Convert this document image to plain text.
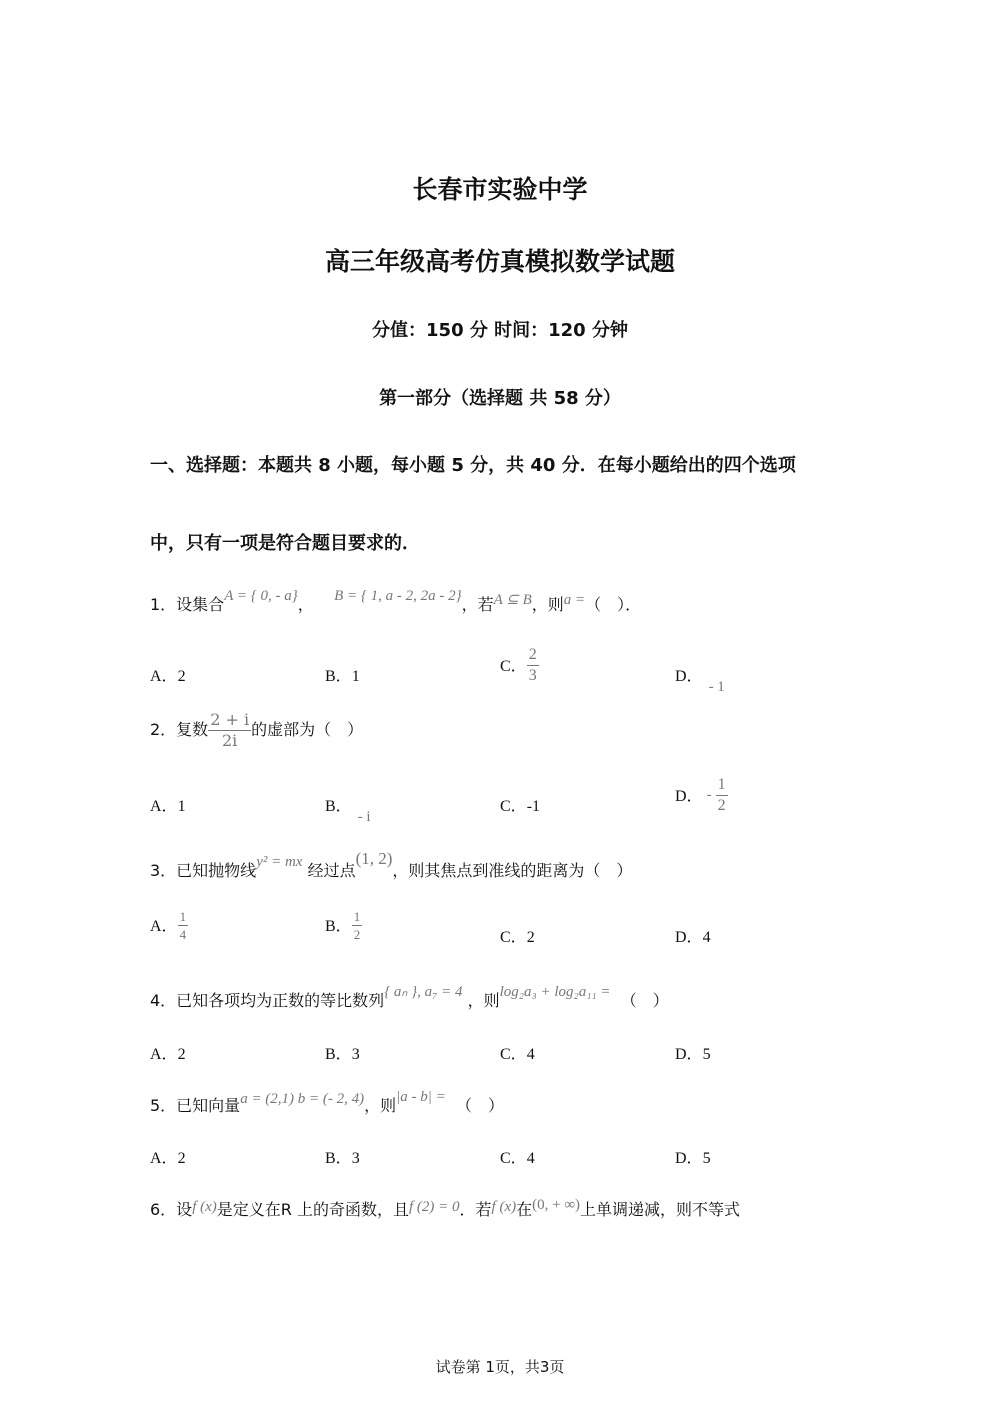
长春市实验中学
高三年级高考仿真模拟数学试题
分值：150 分 时间：120 分钟
第一部分（选择题 共 58 分）
一、选择题：本题共 8 小题，每小题 5 分，共 40 分．在每小题给出的四个选项
中，只有一项是符合题目要求的．
1．设集合A = { 0, - a}， B = { 1, a - 2, 2a - 2}，若A ⊆ B，则a =（　）．
A．2	B．1
C． $\frac{2}{3}$	D．- 1
2．复数 $\frac{2 + i}{2i}$ 的虚部为（　）
A．1	B．- i
C．-1
D． - $\frac{1}{2}$
3．已知抛物线y² = mx 经过点(1, 2)，则其焦点到准线的距离为（　）
A． $\frac{1}{4}$	B． $\frac{1}{2}$	C．2	D．4
4．已知各项均为正数的等比数列{ aₙ }, a₇ = 4 ，则log₂a₃ + log₂a₁₁ = （　）
A．2	B．3	C．4	D．5
5．已知向量a = (2,1) b = (- 2, 4)，则|a - b| = （　）
A．2	B．3	C．4	D．5
6．设f (x)是定义在R 上的奇函数，且f (2) = 0．若f (x)在(0, + ∞)上单调递减，则不等式
试卷第 1页，共3页
